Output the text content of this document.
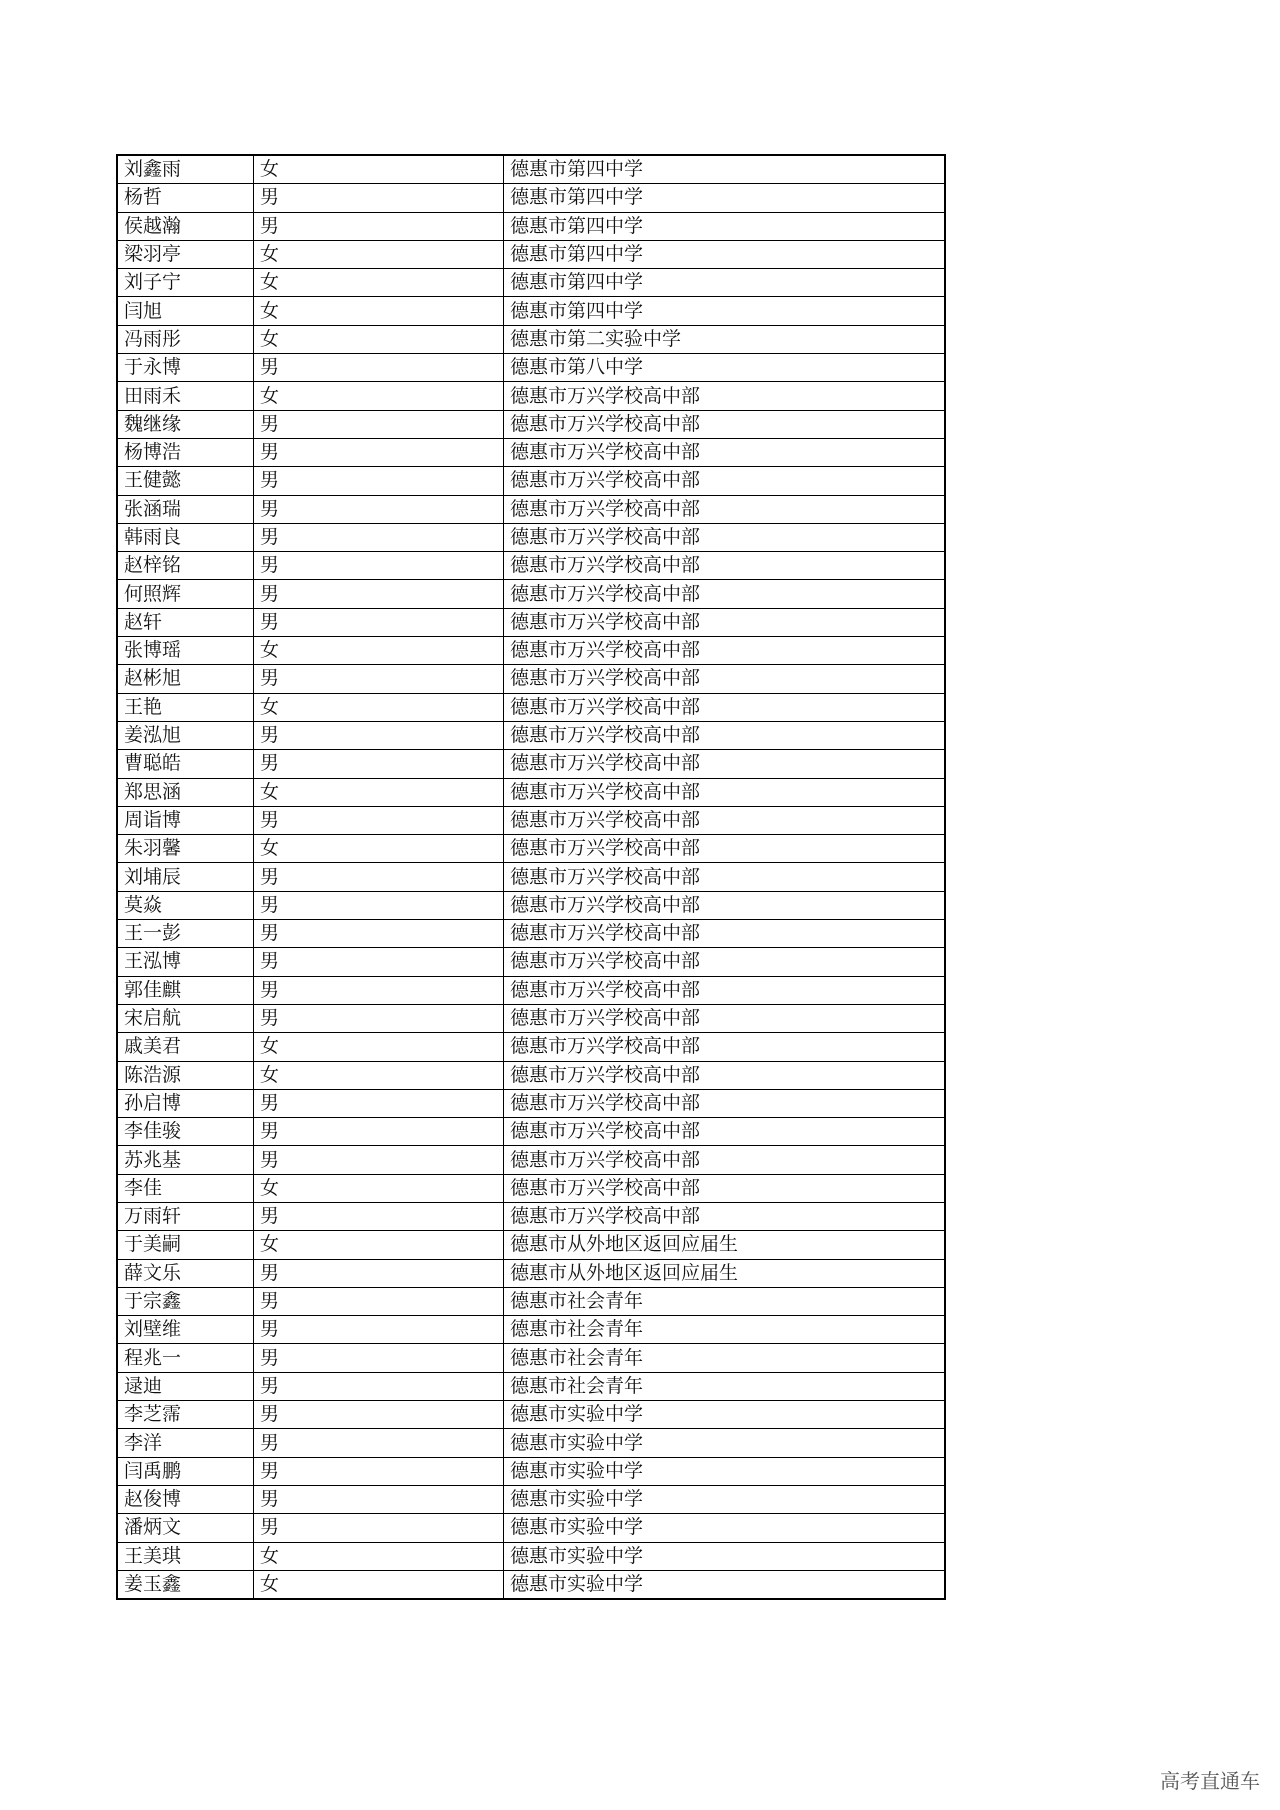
刘鑫雨	女	德惠市第四中学
杨哲	男	德惠市第四中学
侯越瀚	男	德惠市第四中学
梁羽亭	女	德惠市第四中学
刘子宁	女	德惠市第四中学
闫旭	女	德惠市第四中学
冯雨彤	女	德惠市第二实验中学
于永博	男	德惠市第八中学
田雨禾	女	德惠市万兴学校高中部
魏继缘	男	德惠市万兴学校高中部
杨博浩	男	德惠市万兴学校高中部
王健懿	男	德惠市万兴学校高中部
张涵瑞	男	德惠市万兴学校高中部
韩雨良	男	德惠市万兴学校高中部
赵梓铭	男	德惠市万兴学校高中部
何照辉	男	德惠市万兴学校高中部
赵轩	男	德惠市万兴学校高中部
张博瑶	女	德惠市万兴学校高中部
赵彬旭	男	德惠市万兴学校高中部
王艳	女	德惠市万兴学校高中部
姜泓旭	男	德惠市万兴学校高中部
曹聪皓	男	德惠市万兴学校高中部
郑思涵	女	德惠市万兴学校高中部
周诣博	男	德惠市万兴学校高中部
朱羽馨	女	德惠市万兴学校高中部
刘埔辰	男	德惠市万兴学校高中部
莫焱	男	德惠市万兴学校高中部
王一彭	男	德惠市万兴学校高中部
王泓博	男	德惠市万兴学校高中部
郭佳麒	男	德惠市万兴学校高中部
宋启航	男	德惠市万兴学校高中部
戚美君	女	德惠市万兴学校高中部
陈浩源	女	德惠市万兴学校高中部
孙启博	男	德惠市万兴学校高中部
李佳骏	男	德惠市万兴学校高中部
苏兆基	男	德惠市万兴学校高中部
李佳	女	德惠市万兴学校高中部
万雨轩	男	德惠市万兴学校高中部
于美嗣	女	德惠市从外地区返回应届生
薛文乐	男	德惠市从外地区返回应届生
于宗鑫	男	德惠市社会青年
刘壁维	男	德惠市社会青年
程兆一	男	德惠市社会青年
逯迪	男	德惠市社会青年
李芝霈	男	德惠市实验中学
李洋	男	德惠市实验中学
闫禹鹏	男	德惠市实验中学
赵俊博	男	德惠市实验中学
潘炳文	男	德惠市实验中学
王美琪	女	德惠市实验中学
姜玉鑫	女	德惠市实验中学
高考直通车
